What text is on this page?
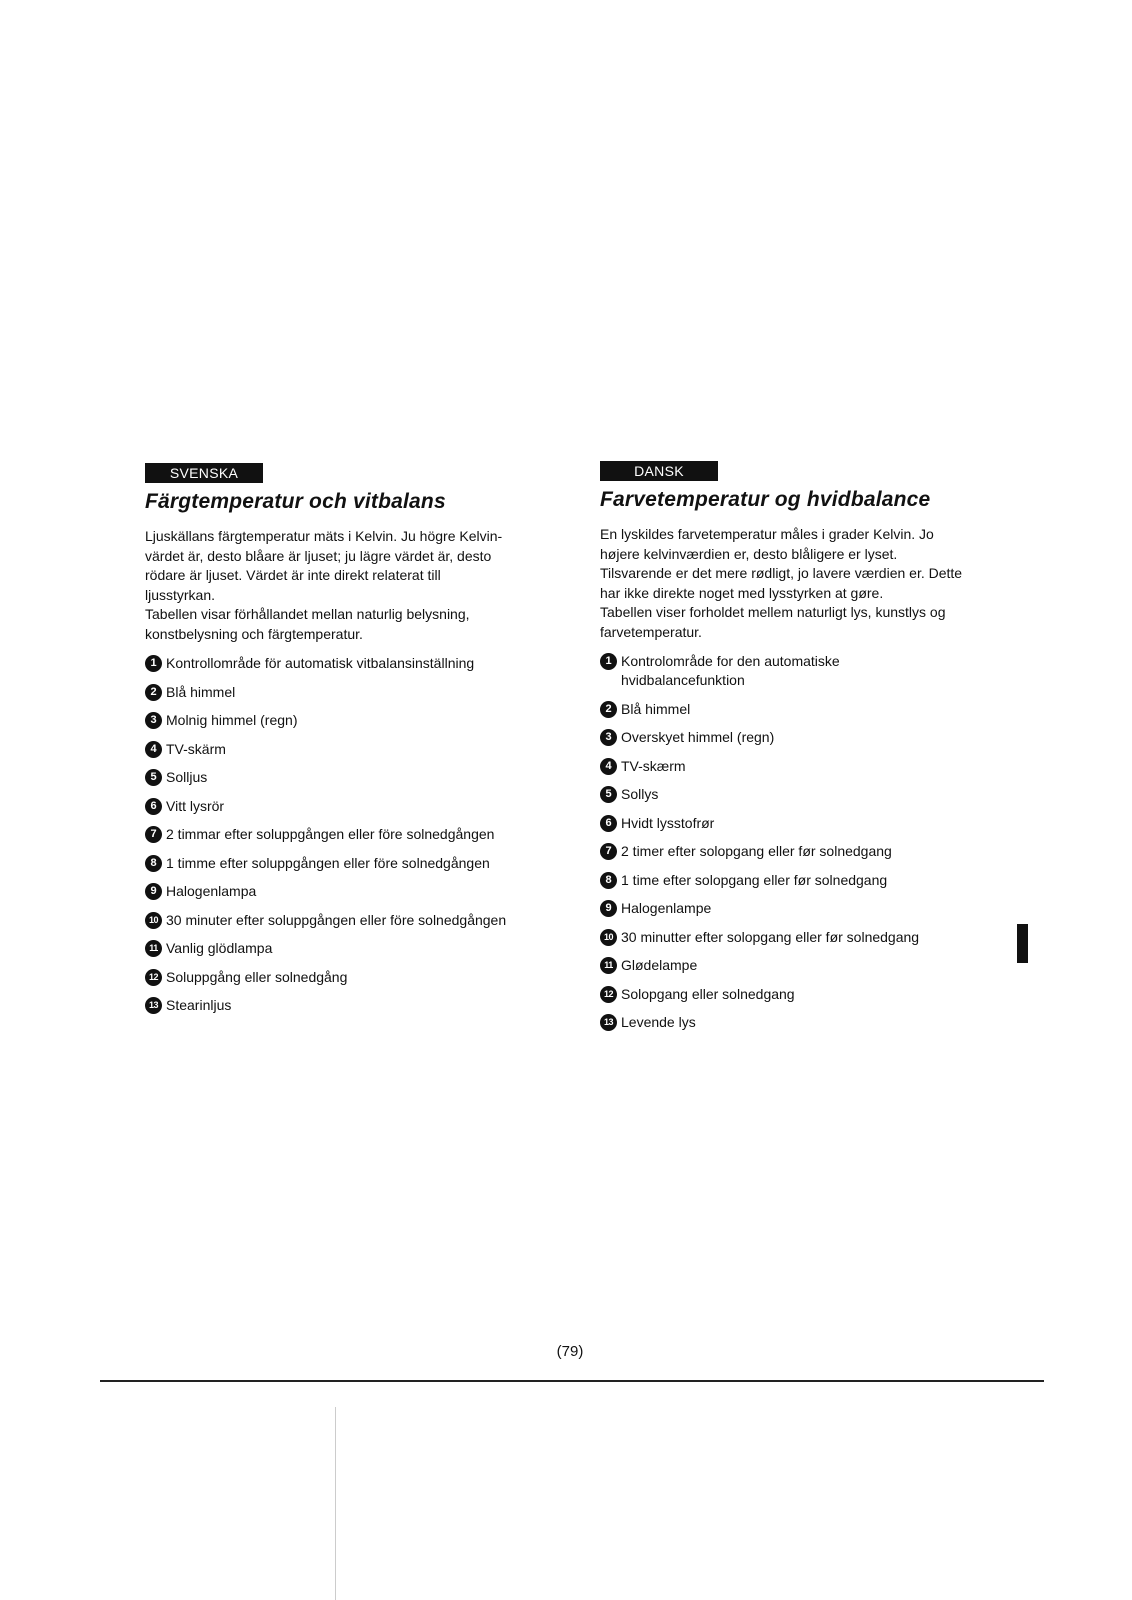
SVENSKA
Färgtemperatur och vitbalans

Ljuskällans färgtemperatur mäts i Kelvin. Ju högre Kelvin-

värdet är, desto blåare är ljuset; ju lägre värdet är, desto

rödare är ljuset. Värdet är inte direkt relaterat till

ljusstyrkan.

Tabellen visar förhållandet mellan naturlig belysning,

konstbelysning och färgtemperatur.

1 Kontrollområde för automatisk vitbalansinställning
2 Blå himmel
3 Molnig himmel (regn)
4 TV-skärm
5 Solljus
6 Vitt lysrör
7 2 timmar efter soluppgången eller före solnedgången
8 1 timme efter soluppgången eller före solnedgången
9 Halogenlampa
10 30 minuter efter soluppgången eller före solnedgången
11 Vanlig glödlampa
12 Soluppgång eller solnedgång
13 Stearinljus
DANSK
Farvetemperatur og hvidbalance

En lyskildes farvetemperatur måles i grader Kelvin. Jo

højere kelvinværdien er, desto blåligere er lyset.

Tilsvarende er det mere rødligt, jo lavere værdien er. Dette

har ikke direkte noget med lysstyrken at gøre.

Tabellen viser forholdet mellem naturligt lys, kunstlys og

farvetemperatur.

1 Kontrolområde for den automatiske hvidbalancefunktion
2 Blå himmel
3 Overskyet himmel (regn)
4 TV-skærm
5 Sollys
6 Hvidt lysstofrør
7 2 timer efter solopgang eller før solnedgang
8 1 time efter solopgang eller før solnedgang
9 Halogenlampe
10 30 minutter efter solopgang eller før solnedgang
11 Glødelampe
12 Solopgang eller solnedgang
13 Levende lys
(79)
